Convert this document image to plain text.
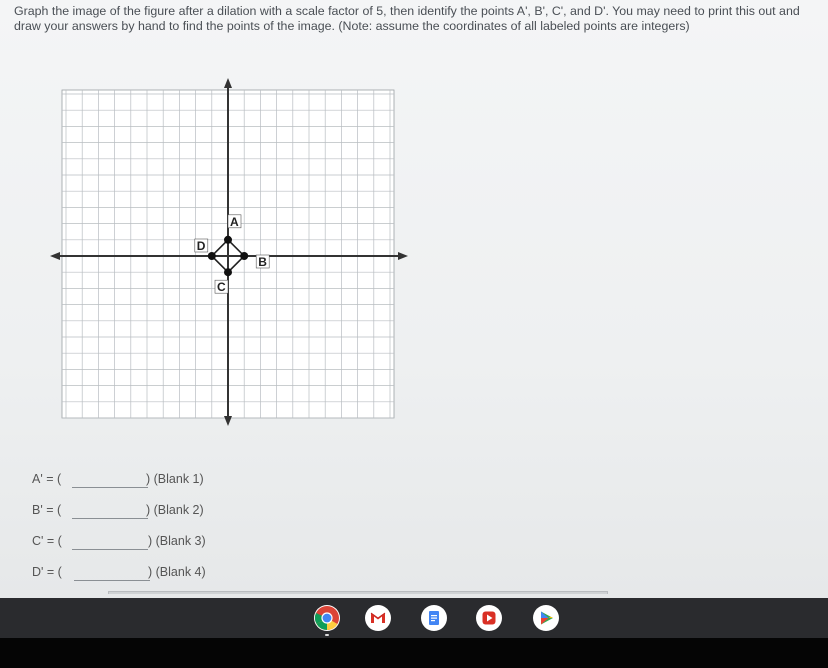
Graph the image of the figure after a dilation with a scale factor of 5, then identify the points A', B', C', and D'. You may need to print this out and draw your answers by hand to find the points of the image. (Note: assume the coordinates of all labeled points are integers)

A
B
C
D
A' = (	) (Blank 1)
B' = (	) (Blank 2)
C' = (	) (Blank 3)
D' = (	) (Blank 4)
